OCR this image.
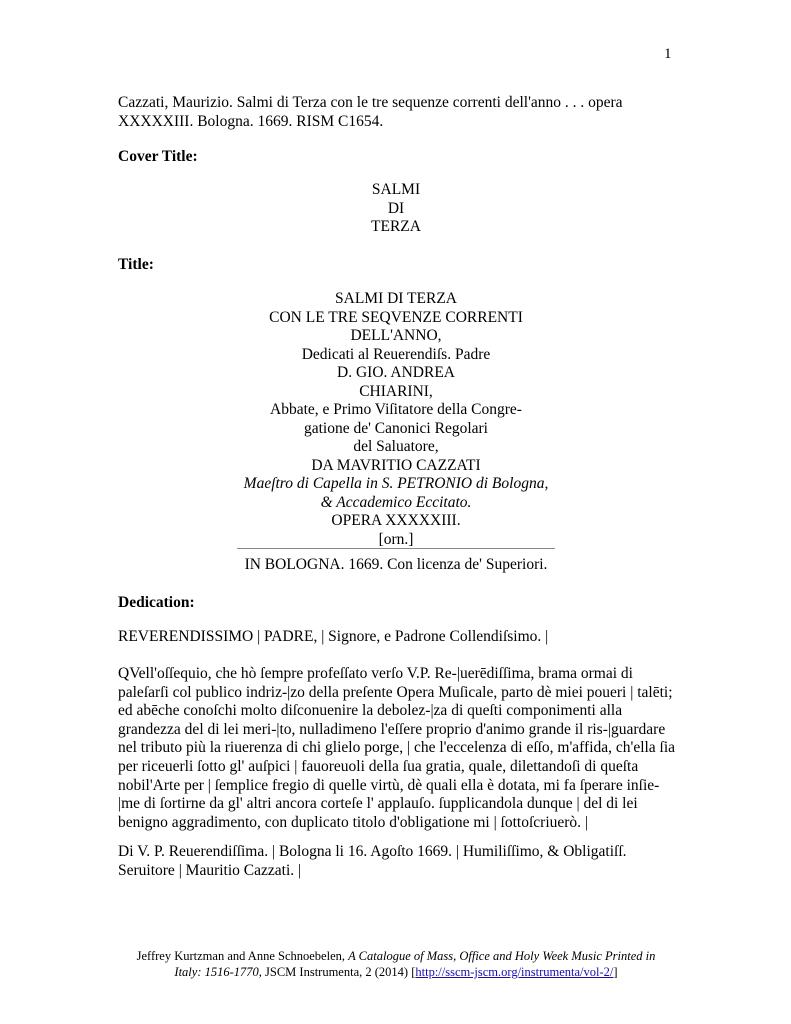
1
Cazzati, Maurizio. Salmi di Terza con le tre sequenze correnti dell'anno . . . opera
XXXXXIII. Bologna. 1669. RISM C1654.
Cover Title:
SALMI
DI
TERZA
Title:
SALMI DI TERZA
CON LE TRE SEQVENZE CORRENTI
DELL'ANNO,
Dedicati al Reuerendiſs. Padre
D. GIO. ANDREA
CHIARINI,
Abbate, e Primo Viſitatore della Congre-
gatione de' Canonici Regolari
del Saluatore,
DA MAVRITIO CAZZATI
Maeſtro di Capella in S. PETRONIO di Bologna,
& Accademico Eccitato.
OPERA XXXXXIII.
[orn.]
IN BOLOGNA. 1669. Con licenza de' Superiori.
Dedication:
REVERENDISSIMO | PADRE, | Signore, e Padrone Collendiſsimo. |
QVell'oſſequio, che hò ſempre profeſſato verſo V.P. Re-|uerēdiſſima, brama ormai di
paleſarſi col publico indriz-|zo della preſente Opera Muſicale, parto dè miei poueri | talēti;
ed abēche conoſchi molto diſconuenire la debolez-|za di queſti componimenti alla
grandezza del di lei meri-|to, nulladimeno l'eſſere proprio d'animo grande il ris-|guardare
nel tributo più la riuerenza di chi glielo porge, | che l'eccelenza di eſſo, m'affida, ch'ella ſia
per riceuerli ſotto gl' auſpici | fauoreuoli della ſua gratia, quale, dilettandoſi di queſta
nobil'Arte per | ſemplice fregio di quelle virtù, dè quali ella è dotata, mi fa ſperare inſie-
|me di ſortirne da gl' altri ancora corteſe l' applauſo. ſupplicandola dunque | del di lei
benigno aggradimento, con duplicato titolo d'obligatione mi | ſottoſcriuerò. |
Di V. P. Reuerendiſſima. | Bologna li 16. Agoſto 1669. | Humiliſſimo, & Obligatiſſ.
Seruitore | Mauritio Cazzati. |
Jeffrey Kurtzman and Anne Schnoebelen, A Catalogue of Mass, Office and Holy Week Music Printed in
Italy: 1516-1770, JSCM Instrumenta, 2 (2014) [http://sscm-jscm.org/instrumenta/vol-2/]
